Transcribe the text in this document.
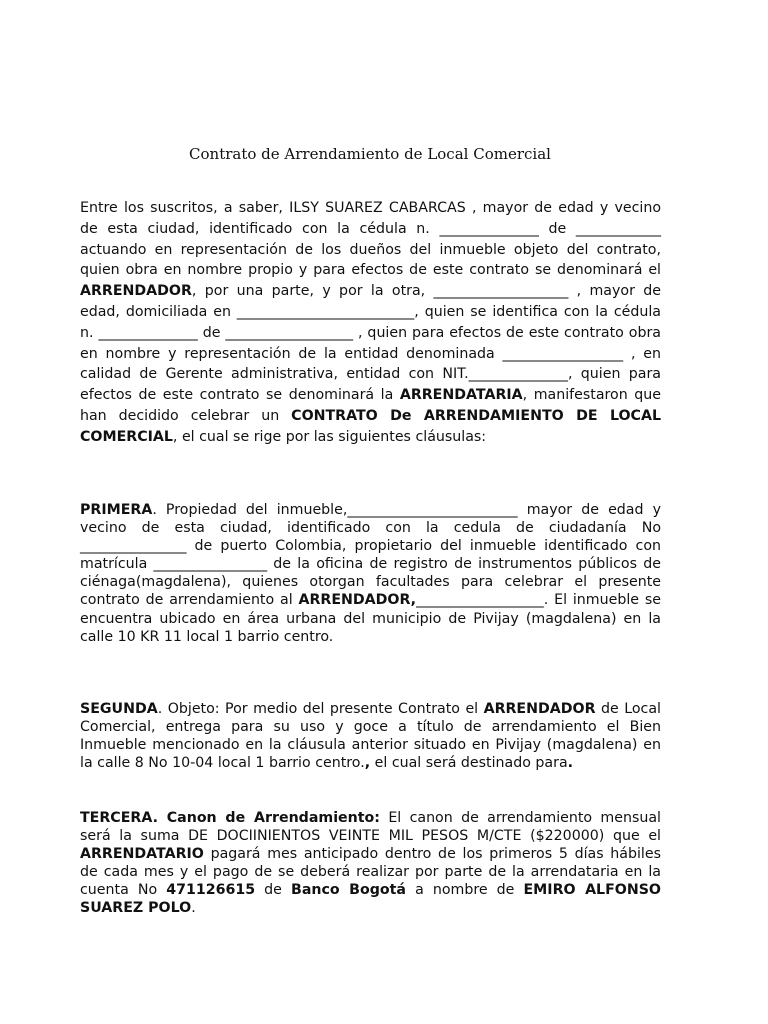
Contrato de Arrendamiento de Local Comercial

Entre los suscritos, a saber, ILSY SUAREZ CABARCAS , mayor de edad y vecino de esta ciudad, identificado con la cédula n. ______________ de ____________ actuando en representación de los dueños del inmueble objeto del contrato, quien obra en nombre propio y para efectos de este contrato se denominará el ARRENDADOR, por una parte, y por la otra, ___________________ , mayor de edad, domiciliada en _________________________, quien se identifica con la cédula n. ______________ de __________________ , quien para efectos de este contrato obra en nombre y representación de la entidad denominada _________________ , en calidad de Gerente administrativa, entidad con NIT.______________, quien para efectos de este contrato se denominará la ARRENDATARIA, manifestaron que han decidido celebrar un CONTRATO De ARRENDAMIENTO DE LOCAL COMERCIAL, el cual se rige por las siguientes cláusulas:

PRIMERA. Propiedad del inmueble,________________________ mayor de edad y vecino de esta ciudad, identificado con la cedula de ciudadanía No _______________ de puerto Colombia, propietario del inmueble identificado con matrícula ________________ de la oficina de registro de instrumentos públicos de ciénaga(magdalena), quienes otorgan facultades para celebrar el presente contrato de arrendamiento al ARRENDADOR,__________________. El inmueble se encuentra ubicado en área urbana del municipio de Pivijay (magdalena) en la calle 10 KR 11 local 1 barrio centro.

SEGUNDA. Objeto: Por medio del presente Contrato el ARRENDADOR de Local Comercial, entrega para su uso y goce a título de arrendamiento el Bien Inmueble mencionado en la cláusula anterior situado en Pivijay (magdalena) en la calle 8 No 10-04 local 1 barrio centro., el cual será destinado para.

TERCERA. Canon de Arrendamiento: El canon de arrendamiento mensual será la suma DE DOCIINIENTOS VEINTE MIL PESOS M/CTE ($220000) que el ARRENDATARIO pagará mes anticipado dentro de los primeros 5 días hábiles de cada mes y el pago de se deberá realizar por parte de la arrendataria en la cuenta No 471126615 de Banco Bogotá a nombre de EMIRO ALFONSO SUAREZ POLO.
